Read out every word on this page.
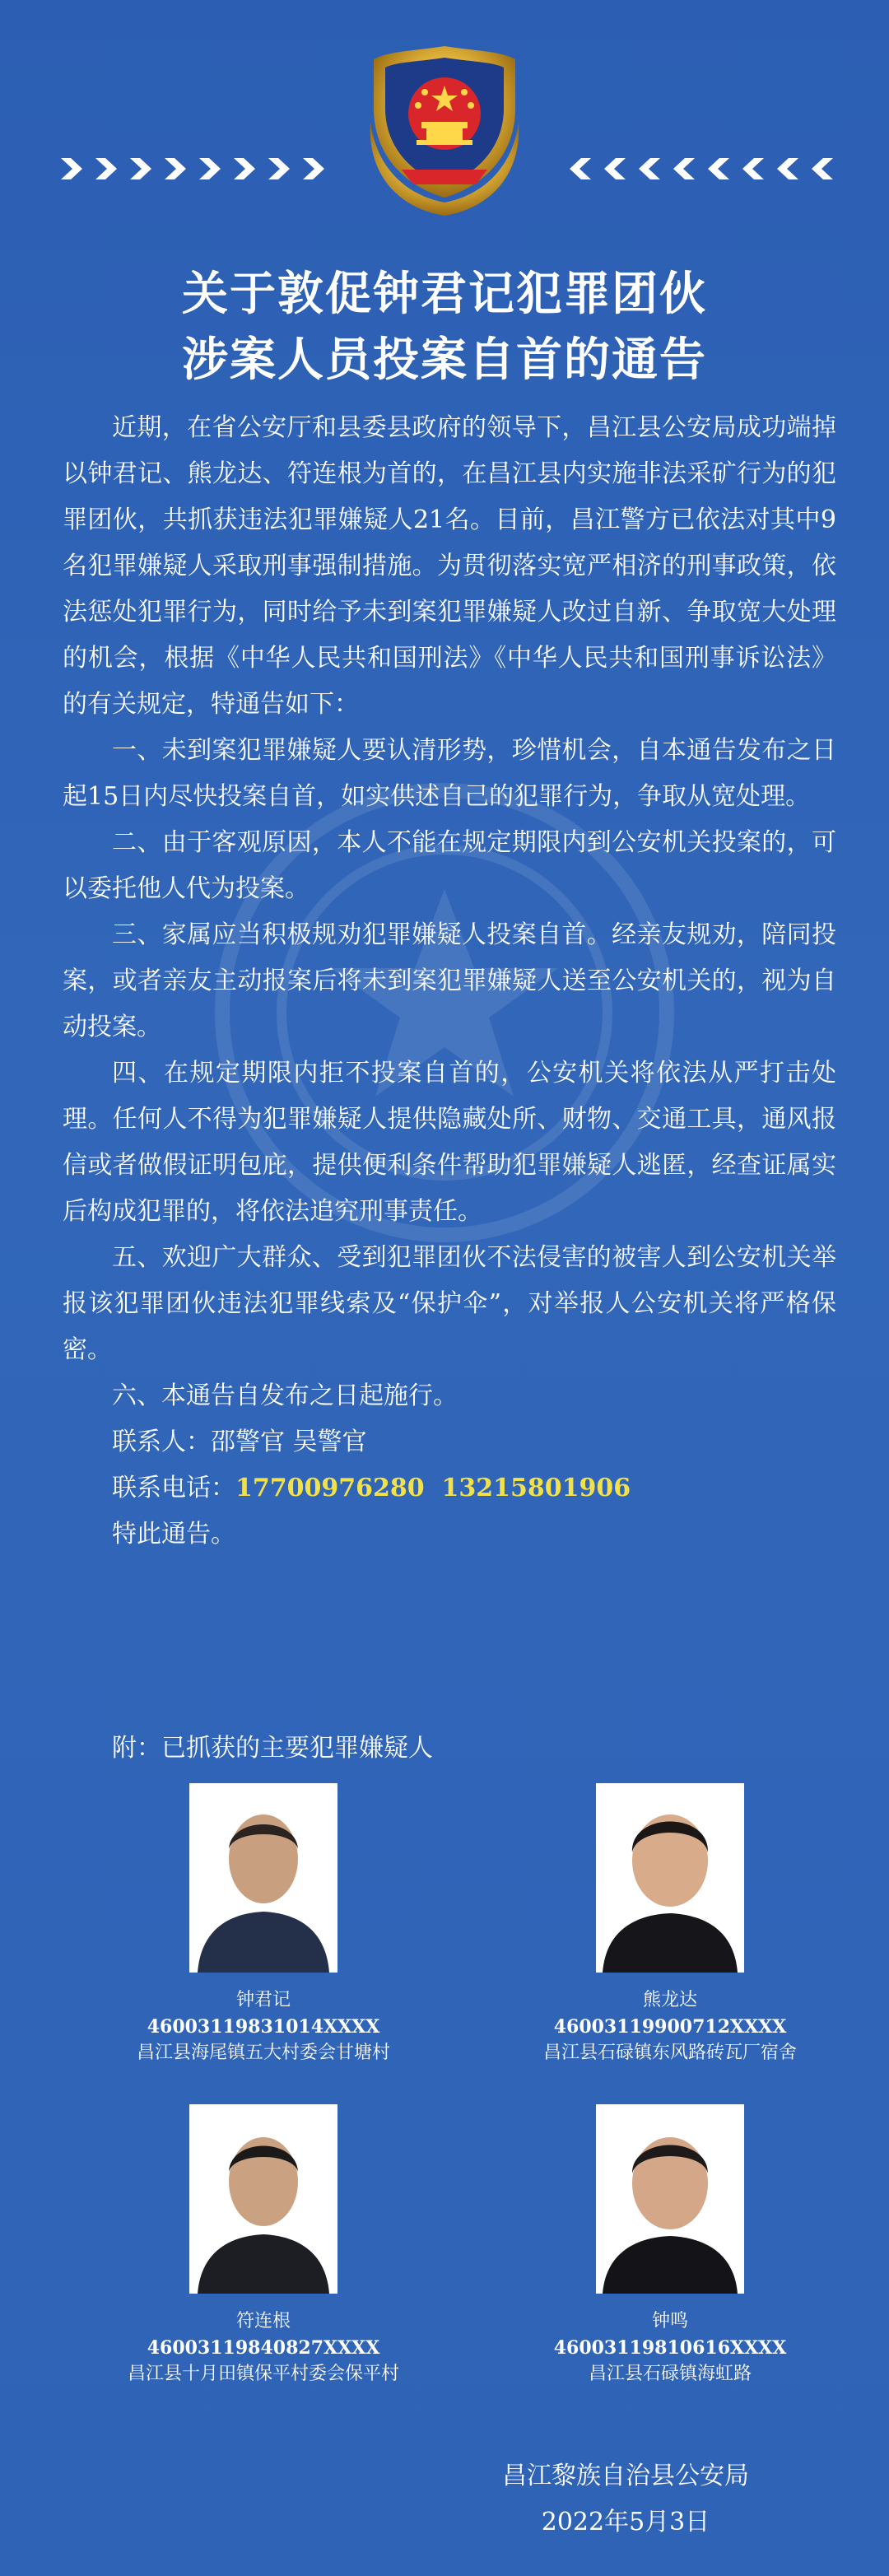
关于敦促钟君记犯罪团伙
涉案人员投案自首的通告

近期，在省公安厅和县委县政府的领导下，昌江县公安局成功端掉以钟君记、熊龙达、符连根为首的，在昌江县内实施非法采矿行为的犯罪团伙，共抓获违法犯罪嫌疑人21名。目前，昌江警方已依法对其中9名犯罪嫌疑人采取刑事强制措施。为贯彻落实宽严相济的刑事政策，依法惩处犯罪行为，同时给予未到案犯罪嫌疑人改过自新、争取宽大处理的机会，根据《中华人民共和国刑法》《中华人民共和国刑事诉讼法》的有关规定，特通告如下：

一、未到案犯罪嫌疑人要认清形势，珍惜机会，自本通告发布之日起15日内尽快投案自首，如实供述自己的犯罪行为，争取从宽处理。

二、由于客观原因，本人不能在规定期限内到公安机关投案的，可以委托他人代为投案。

三、家属应当积极规劝犯罪嫌疑人投案自首。经亲友规劝，陪同投案，或者亲友主动报案后将未到案犯罪嫌疑人送至公安机关的，视为自动投案。

四、在规定期限内拒不投案自首的，公安机关将依法从严打击处理。任何人不得为犯罪嫌疑人提供隐藏处所、财物、交通工具，通风报信或者做假证明包庇，提供便利条件帮助犯罪嫌疑人逃匿，经查证属实后构成犯罪的，将依法追究刑事责任。

五、欢迎广大群众、受到犯罪团伙不法侵害的被害人到公安机关举报该犯罪团伙违法犯罪线索及“保护伞”，对举报人公安机关将严格保密。

六、本通告自发布之日起施行。

联系人：邵警官 吴警官

联系电话：17700976280  13215801906

特此通告。

附：已抓获的主要犯罪嫌疑人
钟君记
46003119831014XXXX
昌江县海尾镇五大村委会甘塘村
熊龙达
46003119900712XXXX
昌江县石碌镇东风路砖瓦厂宿舍
符连根
46003119840827XXXX
昌江县十月田镇保平村委会保平村
钟鸣
46003119810616XXXX
昌江县石碌镇海虹路
昌江黎族自治县公安局
2022年5月3日
